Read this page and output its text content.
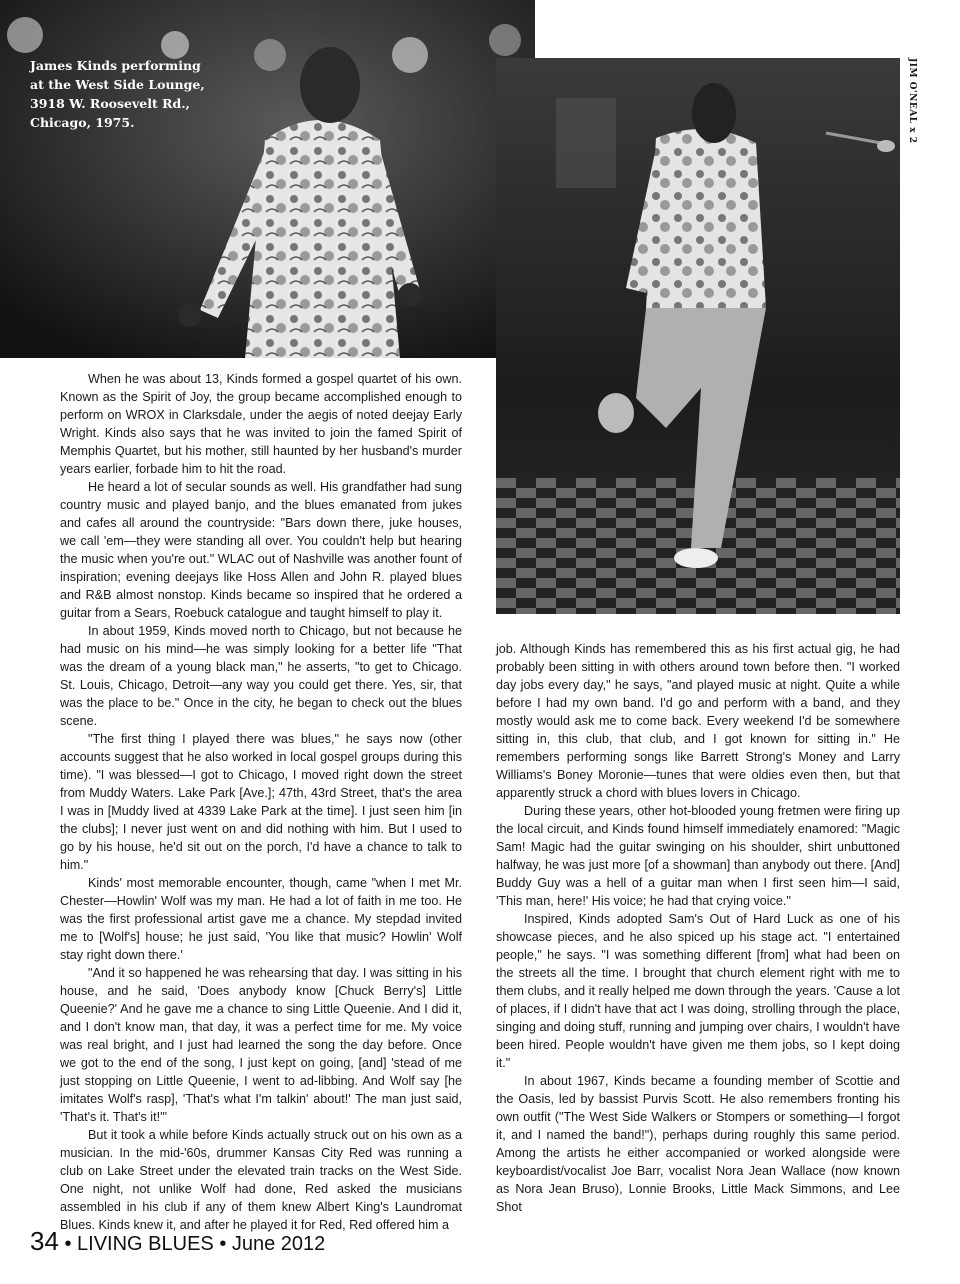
James Kinds performing
at the West Side Lounge,
3918 W. Roosevelt Rd.,
Chicago, 1975.	JIM O'NEAL x 2

When he was about 13, Kinds formed a gospel quartet of his own. Known as the Spirit of Joy, the group became accomplished enough to perform on WROX in Clarksdale, under the aegis of noted deejay Early Wright. Kinds also says that he was invited to join the famed Spirit of Memphis Quartet, but his mother, still haunted by her husband's murder years earlier, forbade him to hit the road.

He heard a lot of secular sounds as well. His grandfather had sung country music and played banjo, and the blues emanated from jukes and cafes all around the countryside: "Bars down there, juke houses, we call 'em—they were standing all over. You couldn't help but hearing the music when you're out." WLAC out of Nashville was another fount of inspiration; evening deejays like Hoss Allen and John R. played blues and R&B almost nonstop. Kinds became so inspired that he ordered a guitar from a Sears, Roebuck catalogue and taught himself to play it.

In about 1959, Kinds moved north to Chicago, but not because he had music on his mind—he was simply looking for a better life "That was the dream of a young black man," he asserts, "to get to Chicago. St. Louis, Chicago, Detroit—any way you could get there. Yes, sir, that was the place to be." Once in the city, he began to check out the blues scene.

"The first thing I played there was blues," he says now (other accounts suggest that he also worked in local gospel groups during this time). "I was blessed—I got to Chicago, I moved right down the street from Muddy Waters. Lake Park [Ave.]; 47th, 43rd Street, that's the area I was in [Muddy lived at 4339 Lake Park at the time]. I just seen him [in the clubs]; I never just went on and did nothing with him. But I used to go by his house, he'd sit out on the porch, I'd have a chance to talk to him."

Kinds' most memorable encounter, though, came "when I met Mr. Chester—Howlin' Wolf was my man. He had a lot of faith in me too. He was the first professional artist gave me a chance. My stepdad invited me to [Wolf's] house; he just said, 'You like that music? Howlin' Wolf stay right down there.'

"And it so happened he was rehearsing that day. I was sitting in his house, and he said, 'Does anybody know [Chuck Berry's] Little Queenie?' And he gave me a chance to sing Little Queenie. And I did it, and I don't know man, that day, it was a perfect time for me. My voice was real bright, and I just had learned the song the day before. Once we got to the end of the song, I just kept on going, [and] 'stead of me just stopping on Little Queenie, I went to ad-libbing. And Wolf say [he imitates Wolf's rasp], 'That's what I'm talkin' about!' The man just said, 'That's it. That's it!'"

But it took a while before Kinds actually struck out on his own as a musician. In the mid-'60s, drummer Kansas City Red was running a club on Lake Street under the elevated train tracks on the West Side. One night, not unlike Wolf had done, Red asked the musicians assembled in his club if any of them knew Albert King's Laundromat Blues. Kinds knew it, and after he played it for Red, Red offered him a

job. Although Kinds has remembered this as his first actual gig, he had probably been sitting in with others around town before then. "I worked day jobs every day," he says, "and played music at night. Quite a while before I had my own band. I'd go and perform with a band, and they mostly would ask me to come back. Every weekend I'd be somewhere sitting in, this club, that club, and I got known for sitting in." He remembers performing songs like Barrett Strong's Money and Larry Williams's Boney Moronie—tunes that were oldies even then, but that apparently struck a chord with blues lovers in Chicago.

During these years, other hot-blooded young fretmen were firing up the local circuit, and Kinds found himself immediately enamored: "Magic Sam! Magic had the guitar swinging on his shoulder, shirt unbuttoned halfway, he was just more [of a showman] than anybody out there. [And] Buddy Guy was a hell of a guitar man when I first seen him—I said, 'This man, here!' His voice; he had that crying voice."

Inspired, Kinds adopted Sam's Out of Hard Luck as one of his showcase pieces, and he also spiced up his stage act. "I entertained people," he says. "I was something different [from] what had been on the streets all the time. I brought that church element right with me to them clubs, and it really helped me down through the years. 'Cause a lot of places, if I didn't have that act I was doing, strolling through the place, singing and doing stuff, running and jumping over chairs, I wouldn't have been hired. People wouldn't have given me them jobs, so I kept doing it."

In about 1967, Kinds became a founding member of Scottie and the Oasis, led by bassist Purvis Scott. He also remembers fronting his own outfit ("The West Side Walkers or Stompers or something—I forgot it, and I named the band!"), perhaps during roughly this same period. Among the artists he either accompanied or worked alongside were keyboardist/vocalist Joe Barr, vocalist Nora Jean Wallace (now known as Nora Jean Bruso), Lonnie Brooks, Little Mack Simmons, and Lee Shot

34 • LIVING BLUES • June 2012
